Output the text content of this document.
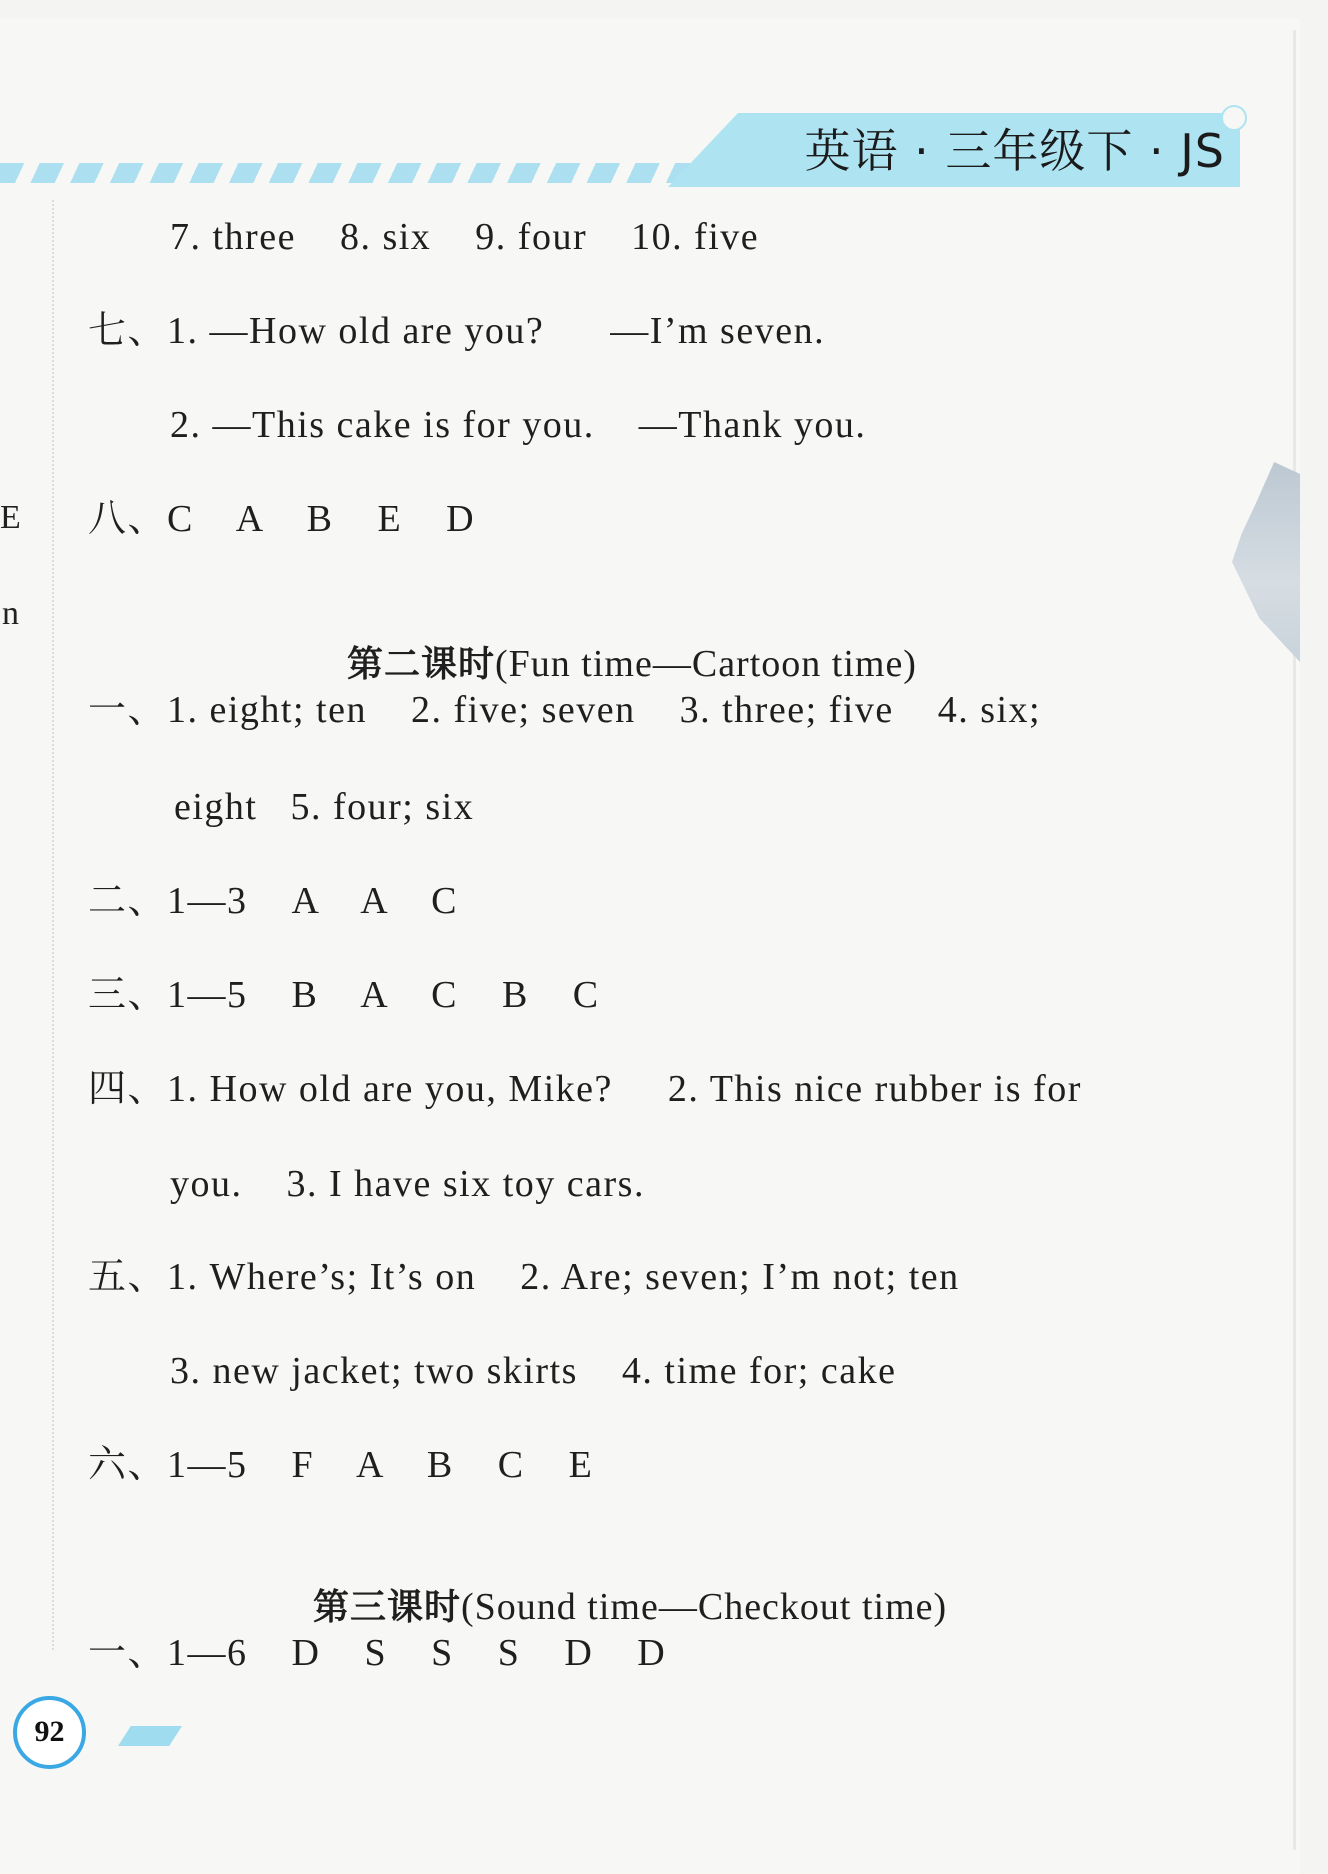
英语 · 三年级下 · JS
E
n
7. three    8. six    9. four    10. five
七、1. —How old are you?      —I’m seven.
2. —This cake is for you.    —Thank you.
八、C    A    B    E    D

第二课时(Fun time—Cartoon time)

一、1. eight; ten    2. five; seven    3. three; five    4. six;
eight   5. four; six
二、1—3    A    A    C
三、1—5    B    A    C    B    C
四、1. How old are you, Mike?     2. This nice rubber is for
you.    3. I have six toy cars.
五、1. Where’s; It’s on    2. Are; seven; I’m not; ten
3. new jacket; two skirts    4. time for; cake
六、1—5    F    A    B    C    E

第三课时(Sound time—Checkout time)

一、1—6    D    S    S    S    D    D
92
